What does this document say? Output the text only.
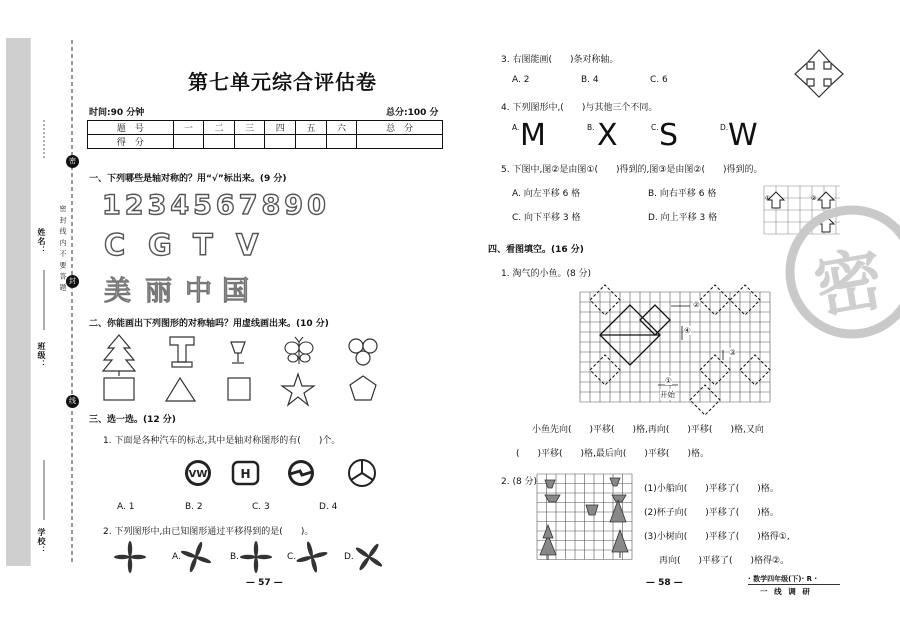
姓名：
班级：
学校：
密
封
线
密 封 线 内 不 要 答 题
第七单元综合评估卷
时间:90 分钟	总分:100 分
题　号	一	二	三	四	五	六	总　分
得　分							
一、下列哪些是轴对称的？用“√”标出来。(9 分)
1234567890
C G T V
美 丽 中 国
二、你能画出下列图形的对称轴吗？用虚线画出来。(10 分)
三、选一选。(12 分)
1. 下面是各种汽车的标志,其中是轴对称图形的有(　　)个。
VW	H
A. 1	B. 2	C. 3	D. 4
2. 下列图形中,由已知图形通过平移得到的是(　　)。
A.	B.	C.	D.
— 57 —
3. 右图能画(　　)条对称轴。
A. 2	B. 4	C. 6
4. 下列图形中,(　　)与其他三个不同。
A. M	B. X	C. S	D. W
5. 下图中,图②是由图①(　　)得到的,图③是由图②(　　)得到的。
A. 向左平移 6 格	B. 向右平移 6 格
C. 向下平移 3 格	D. 向上平移 3 格
①	②
③
密
四、看图填空。(16 分)
1. 淘气的小鱼。(8 分)
②
④
③
①
开始
小鱼先向(　　)平移(　　)格,再向(　　)平移(　　)格,又向
(　　)平移(　　)格,最后向(　　)平移(　　)格。
2. (8 分)
(1)小船向(　　)平移了(　　)格。
(2)杯子向(　　)平移了(　　)格。
(3)小树向(　　)平移了(　　)格得①,
再向(　　)平移了(　　)格得②。
— 58 —	· 数学四年级(下)· R ·
一 线 调 研
